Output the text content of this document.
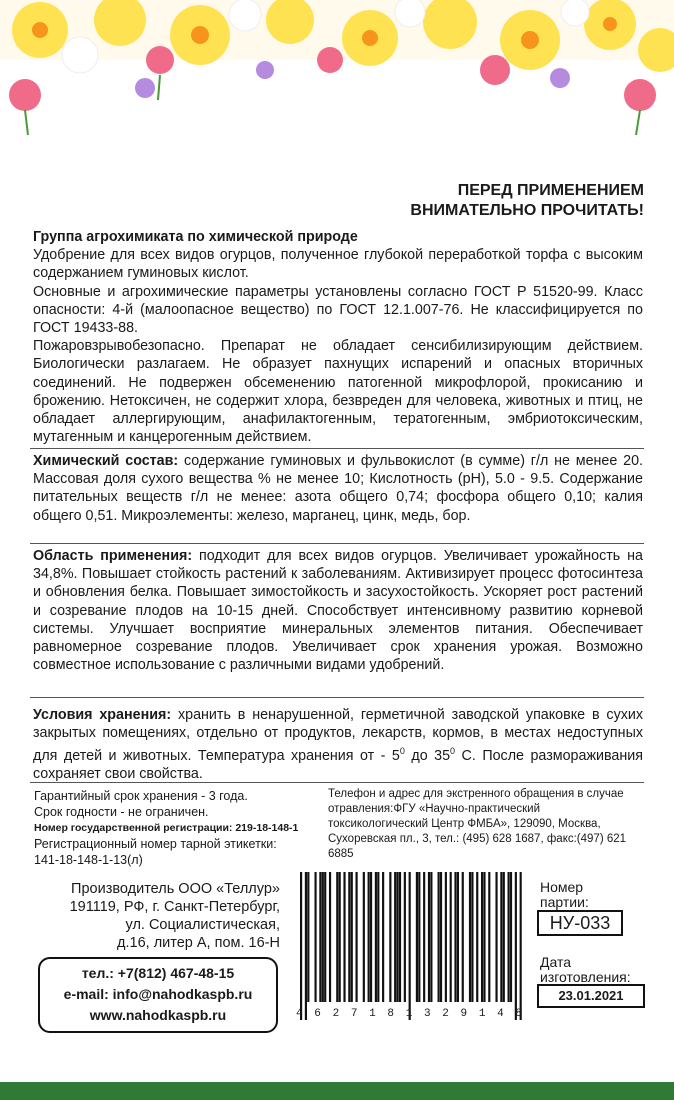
ПЕРЕД ПРИМЕНЕНИЕМ
ВНИМАТЕЛЬНО ПРОЧИТАТЬ!

Группа агрохимиката по химической природе

Удобрение для всех видов огурцов, полученное глубокой переработкой торфа с высоким содержанием гуминовых кислот.

Основные и агрохимические параметры установлены согласно ГОСТ Р 51520-99. Класс опасности: 4-й (малоопасное вещество) по ГОСТ 12.1.007-76. Не классифицируется по ГОСТ 19433-88.

Пожаровзрывобезопасно. Препарат не обладает сенсибилизирующим действием. Биологически разлагаем. Не образует пахнущих испарений и опасных вторичных соединений. Не подвержен обсеменению патогенной микрофлорой, прокисанию и брожению. Нетоксичен, не содержит хлора, безвреден для человека, животных и птиц, не обладает аллергирующим, анафилактогенным, тератогенным, эмбриотоксическим, мутагенным и канцерогенным действием.

Химический состав: содержание гуминовых и фульвокислот (в сумме) г/л не менее 20. Массовая доля сухого вещества % не менее 10; Кислотность (pH), 5.0 - 9.5. Содержание питательных веществ г/л не менее: азота общего 0,74; фосфора общего 0,10; калия общего 0,51. Микроэлементы: железо, марганец, цинк, медь, бор.

Область применения: подходит для всех видов огурцов. Увеличивает урожайность на 34,8%. Повышает стойкость растений к заболеваниям. Активизирует процесс фотосинтеза и обновления белка. Повышает зимостойкость и засухостойкость. Ускоряет рост растений и созревание плодов на 10-15 дней. Способствует интенсивному развитию корневой системы. Улучшает восприятие минеральных элементов питания. Обеспечивает равномерное созревание плодов. Увеличивает срок хранения урожая. Возможно совместное использование с различными видами удобрений.

Условия хранения: хранить в ненарушенной, герметичной заводской упаковке в сухих закрытых помещениях, отдельно от продуктов, лекарств, кормов, в местах недоступных для детей и животных. Температура хранения от - $5^0$ до $35^0$ С. После размораживания сохраняет свои свойства.

Гарантийный срок хранения - 3 года.
Срок годности - не ограничен.
Номер государственной регистрации: 219-18-148-1
Регистрационный номер тарной этикетки:
141-18-148-1-13(л)
Телефон и адрес для экстренного обращения в случае отравления:ФГУ «Научно-практический токсикологический Центр ФМБА», 129090, Москва, Сухоревская пл., 3, тел.: (495) 628 1687, факс:(497) 621 6885
Производитель ООО «Теллур»
191119, РФ, г. Санкт-Петербург,
ул. Социалистическая,
д.16, литер А, пом. 16-Н
тел.: +7(812) 467-48-15
e-mail: info@nahodkaspb.ru
www.nahodkaspb.ru	4 6 2 7 1 8 1 3 2 9 1 4 8
Номер
партии:
НУ-033
Дата
изготовления:
23.01.2021
